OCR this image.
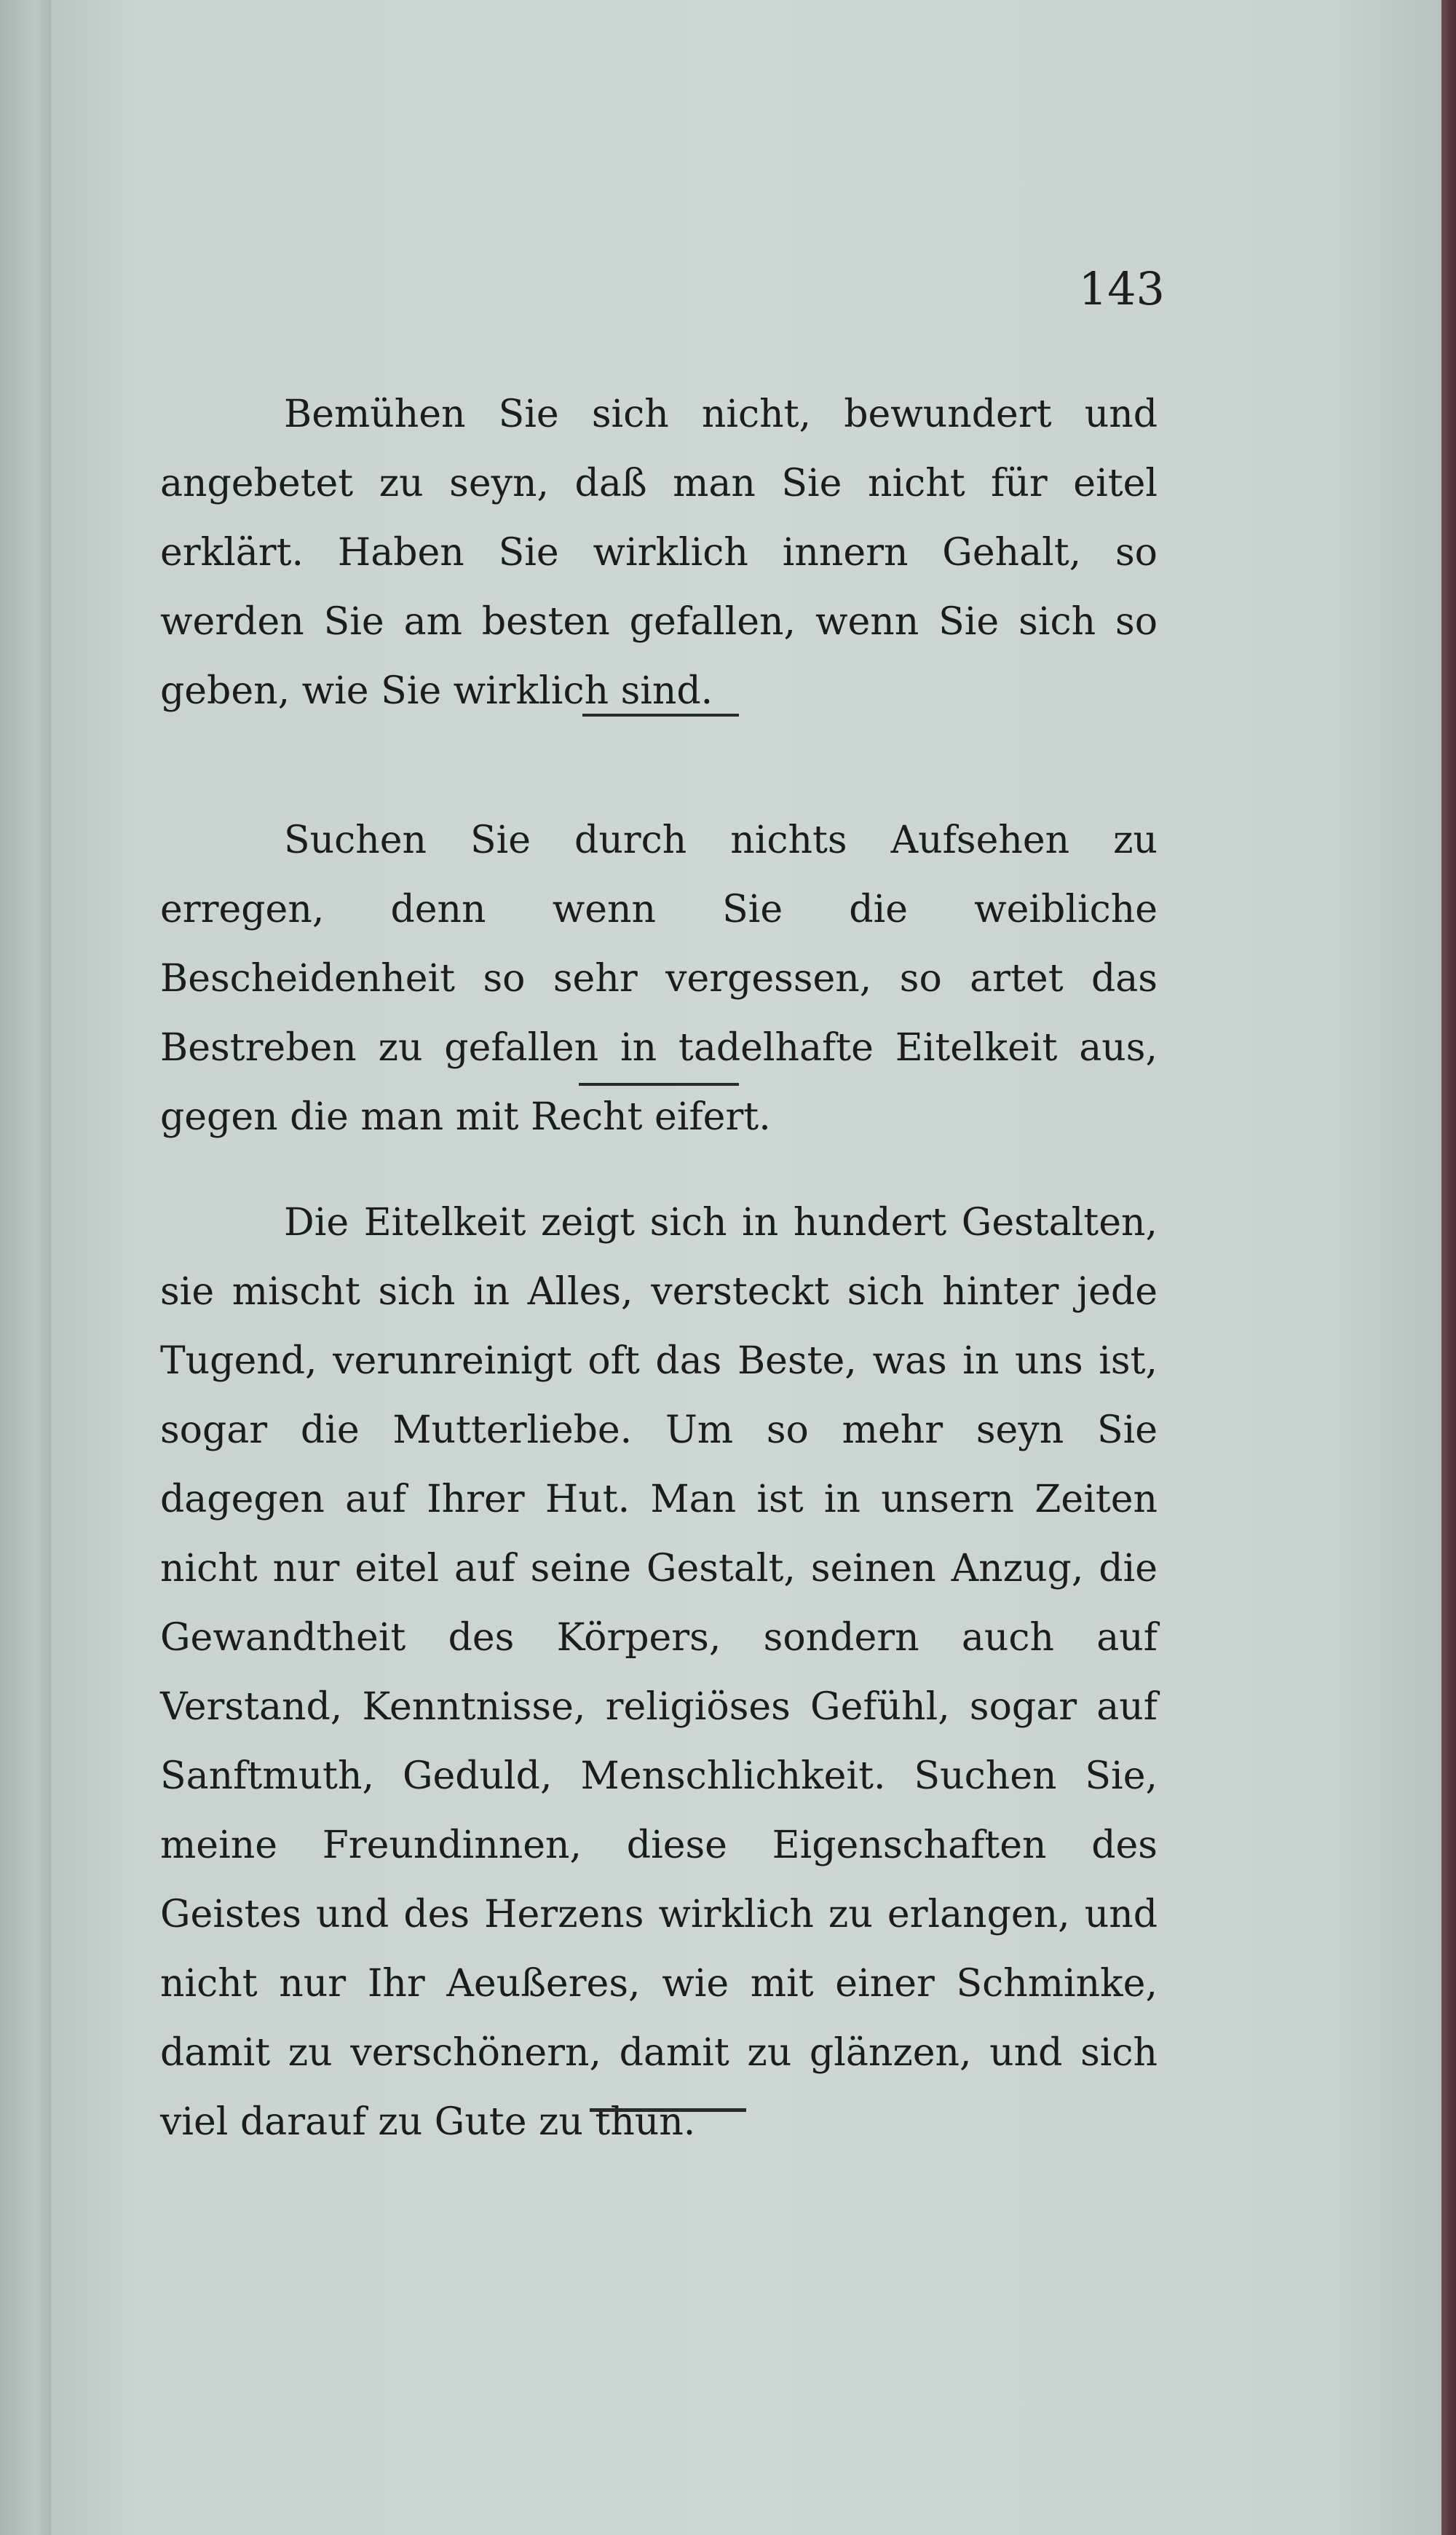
143

Bemühen Sie sich nicht, bewundert und angebetet zu seyn, daß man Sie nicht für eitel erklärt. Haben Sie wirklich innern Gehalt, so werden Sie am besten gefallen, wenn Sie sich so geben, wie Sie wirklich sind.

Suchen Sie durch nichts Aufsehen zu erregen, denn wenn Sie die weibliche Bescheidenheit so sehr vergessen, so artet das Bestreben zu gefallen in tadelhafte Eitelkeit aus, gegen die man mit Recht eifert.

Die Eitelkeit zeigt sich in hundert Gestalten, sie mischt sich in Alles, versteckt sich hinter jede Tugend, verunreinigt oft das Beste, was in uns ist, sogar die Mutterliebe. Um so mehr seyn Sie dagegen auf Ihrer Hut. Man ist in unsern Zeiten nicht nur eitel auf seine Gestalt, seinen Anzug, die Gewandtheit des Körpers, sondern auch auf Verstand, Kenntnisse, religiöses Gefühl, sogar auf Sanftmuth, Geduld, Menschlichkeit. Suchen Sie, meine Freundinnen, diese Eigenschaften des Geistes und des Herzens wirklich zu erlangen, und nicht nur Ihr Aeußeres, wie mit einer Schminke, damit zu verschönern, damit zu glänzen, und sich viel darauf zu Gute zu thun.
